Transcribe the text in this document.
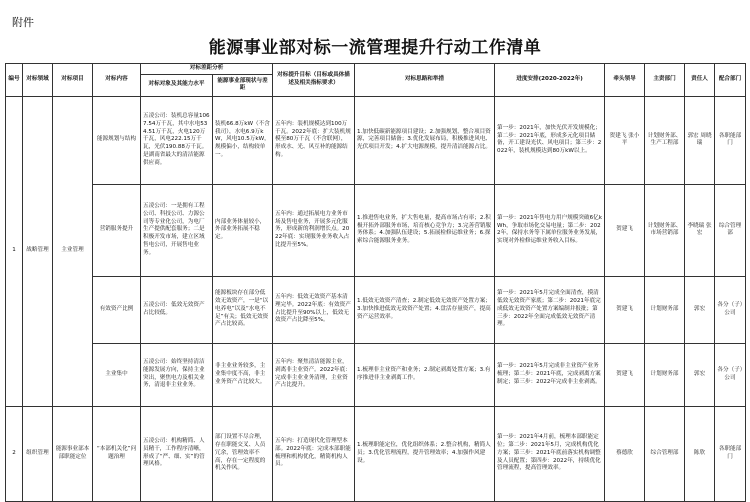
附件
能源事业部对标一流管理提升行动工作清单
编号	对标领域	对标项目	对标内容	对标差距分析		对标提升目标（目标或具体描述及相关指标要求）	对标思路和举措	进度安排(2020-2022年)	牵头领导	主责部门	责任人	配合部门
				对标对象及其能力水平	能源事业部现状与差距							
1	战略管理	主业管理	能源规划与结构	五凌公司：装机总容量1067.54万千瓦，其中水电534.51万千瓦，火电120万千瓦，风电222.15万千瓦，光伏190.88万千瓦。是湖南省最大的清洁能源供应商。	装机66.8万kW（不含我司），水电6.9万kW，风电10.5万kW，规模偏小，结构较单一。	五年内：装机规模达到100万千瓦。2022年底：扩大装机规模至80万千瓦（不含联网），形成水、光、风互补的能源结构。	1.加快低碳新能源项目建设；2.加强规划，整合项目资源，完善项目储备；3.优化发展布局，积极推进风电、光伏项目开发；4.扩大电源规模，提升清洁能源占比。	第一步：2021年，加快光伏开发规模化；第二步：2021年底，形成多元化项目储备，开工建设光伏、风电项目；第三步：2022年，装机规模达到80万kW以上。	贺建飞 张小平	计划财务部、生产工程部	郭宏 周晓瑞	各职能部门
			营销服务提升	五凌公司：一是拥有工程公司、科技公司、力源公司等专业化公司，为电厂生产提供配套服务；二是积极开发市场，建立区域售电公司，开展售电业务。	内部业务体量较小，外部业务拓展不稳定。	五年内：通过拓展电力业务市场及售电业务，开展多元化服务，形成新的利润增长点。2022年底：实现服务业务收入占比提升至5%。	1.推进售电业务，扩大售电量，提高市场占有率；2.积极开拓外部服务市场，培育核心竞争力；3.完善营销服务体系；4.加强队伍建设；5.拓展检修运维业务；6.探索综合能源服务业务。	第一步：2021年售电力用户规模突破6亿kWh，争取市场化交易电量；第二步：2022年，保持水务等下属单位服务业务发展，实现对外检修运维业务收入目标。	贺建飞	计划财务部、市场营销部	李晓瑞 张宏	综合管理部
			有效资产比例	五凌公司：低效无效资产占比较低。	能源板块存在部分低效无效资产，一是“以电养电”以及“水电不足”有关；低效无效资产占比较高。	五年内：低效无效资产基本清理完毕。2022年底：有效资产占比提升至90%以上，低效无效资产占比降至5%。	1.低效无效资产清查；2.制定低效无效资产处置方案；3.加快推进低效无效资产处置；4.盘活存量资产，提高资产运营效率。	第一步：2021年5月完成全面清查，摸清低效无效资产家底；第二步：2021年底完成低效无效资产处置方案编制并报批；第三步：2022年全面完成低效无效资产清理。	贺建飞	计划财务部	郭宏	各分（子）公司
			主业集中	五凌公司：始终坚持清洁能源发展方向，保持主业突出，聚焦电力及相关业务，清退非主业业务。	非主业业务较多，主业集中度不高，非主业务资产占比较大。	五年内：聚焦清洁能源主业，剥离非主业资产。2022年底：完成非主业业务清理，主业资产占比提升。	1.梳理非主业资产和业务；2.制定剥离处置方案；3.有序推进非主业剥离工作。	第一步：2021年5月完成非主业资产业务梳理；第二步：2021年底，完成剥离方案制定；第三步：2022年完成非主业剥离。	贺建飞	计划财务部	郭宏	各分（子）公司
2	组织管理	能源事业部本部职能定位	“本部机关化”问题治理	五凌公司：机构精简、人员精干，工作程序清晰，形成了“严、细、实”的管理风格。	部门设置不尽合理，存在职能交叉、人员冗余，管理效率不高，存在一定程度的机关作风。	五年内：打造现代化管理型本部。2022年底：完成本部职能梳理和机构优化，精简机构人员。	1.梳理职能定位，优化组织体系；2.整合机构，精简人员；3.优化管理流程，提升管理效率；4.加强作风建设。	第一步：2021年4月前，梳理本部职能定位；第二步：2021年5月，完成机构优化方案；第三步：2021年底前落实机构调整及人员配置；第四步：2022年，持续优化管理流程，提高管理效率。	蔡德欣	综合管理部	陈欣	各职能部门
